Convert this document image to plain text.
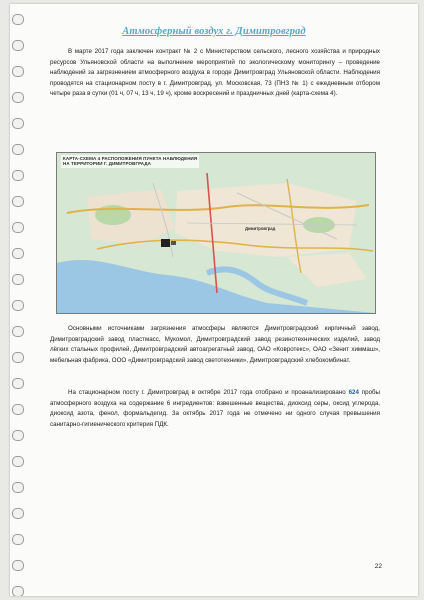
Атмосферный воздух г. Димитровград
В марте 2017 года заключен контракт № 2 с Министерством сельского, лесного хозяйства и природных ресурсов Ульяновской области на выполнение мероприятий по экологическому мониторингу – проведение наблюдений за загрязнением атмосферного воздуха в городе Димитровград Ульяновской области. Наблюдения проводятся на стационарном посту в г. Димитровград, ул. Московская, 73 (ПНЗ № 1) с ежедневным отбором четыре раза в сутки (01 ч, 07 ч, 13 ч, 19 ч), кроме воскресений и праздничных дней (карта-схема 4).
КАРТА-СХЕМА 4 РАСПОЛОЖЕНИЯ ПУНКТА НАБЛЮДЕНИЯ
НА ТЕРРИТОРИИ Г. ДИМИТРОВГРАДА
Димитровград
Основными источниками загрязнения атмосферы являются Димитровградский кирпичный завод, Димитровградский завод пластмасс, Мукомол, Димитровградский завод резинотехнических изделий, завод лёгких стальных профилей, Димитровградский автоагрегатный завод, ОАО «Ковротекс», ОАО «Зенит химмаш», мебельная фабрика, ООО «Димитровградский завод светотехники», Димитровградский хлебокомбинат.
На стационарном посту г. Димитровград в октябре 2017 года отобрано и проанализировано 624 пробы атмосферного воздуха на содержание 6 ингредиентов: взвешенные вещества, диоксид серы, оксид углерода, диоксид азота, фенол, формальдегид. За октябрь 2017 года не отмечено ни одного случая превышения санитарно-гигиенического критерия ПДК.
22
